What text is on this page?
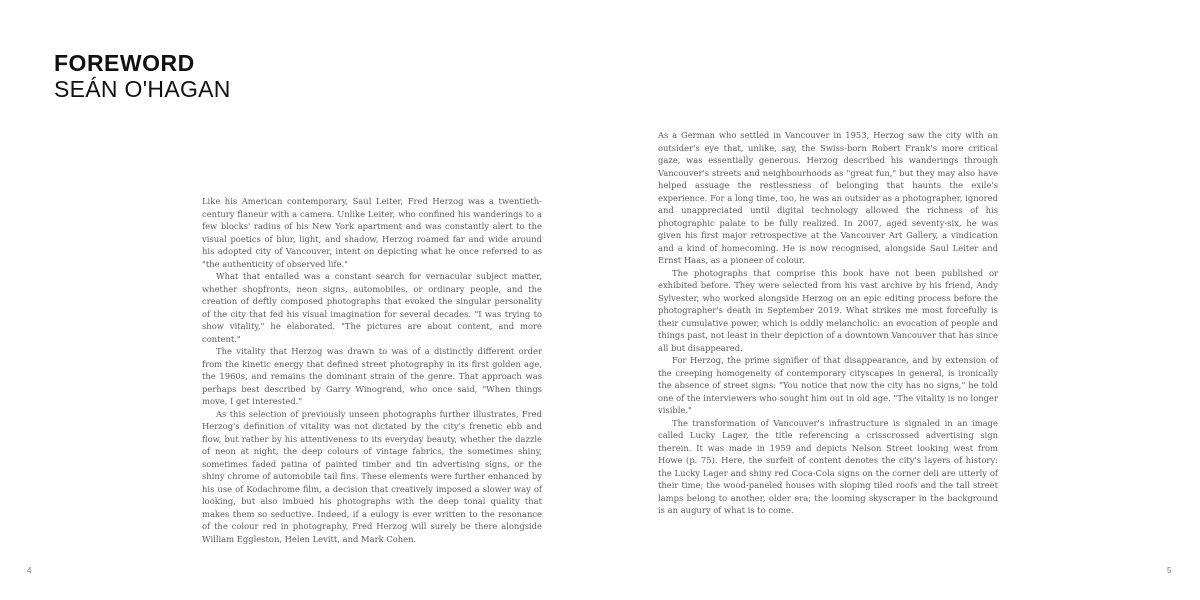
FOREWORD
SEÁN O'HAGAN

Like his American contemporary, Saul Leiter, Fred Herzog was a twentieth-century flaneur with a camera. Unlike Leiter, who confined his wanderings to a few blocks' radius of his New York apartment and was constantly alert to the visual poetics of blur, light, and shadow, Herzog roamed far and wide around his adopted city of Vancouver, intent on depicting what he once referred to as "the authenticity of observed life."

What that entailed was a constant search for vernacular subject matter, whether shopfronts, neon signs, automobiles, or ordinary people, and the creation of deftly composed photographs that evoked the singular personality of the city that fed his visual imagination for several decades. "I was trying to show vitality," he elaborated. "The pictures are about content, and more content."

The vitality that Herzog was drawn to was of a distinctly different order from the kinetic energy that defined street photography in its first golden age, the 1960s, and remains the dominant strain of the genre. That approach was perhaps best described by Garry Winogrand, who once said, "When things move, I get interested."

As this selection of previously unseen photographs further illustrates, Fred Herzog's definition of vitality was not dictated by the city's frenetic ebb and flow, but rather by his attentiveness to its everyday beauty, whether the dazzle of neon at night, the deep colours of vintage fabrics, the sometimes shiny, sometimes faded patina of painted timber and tin advertising signs, or the shiny chrome of automobile tail fins. These elements were further enhanced by his use of Kodachrome film, a decision that creatively imposed a slower way of looking, but also imbued his photographs with the deep tonal quality that makes them so seductive. Indeed, if a eulogy is ever written to the resonance of the colour red in photography, Fred Herzog will surely be there alongside William Eggleston, Helen Levitt, and Mark Cohen.

As a German who settled in Vancouver in 1953, Herzog saw the city with an outsider's eye that, unlike, say, the Swiss-born Robert Frank's more critical gaze, was essentially generous. Herzog described his wanderings through Vancouver's streets and neighbourhoods as "great fun," but they may also have helped assuage the restlessness of belonging that haunts the exile's experience. For a long time, too, he was an outsider as a photographer, ignored and unappreciated until digital technology allowed the richness of his photographic palate to be fully realized. In 2007, aged seventy-six, he was given his first major retrospective at the Vancouver Art Gallery, a vindication and a kind of homecoming. He is now recognised, alongside Saul Leiter and Ernst Haas, as a pioneer of colour.

The photographs that comprise this book have not been published or exhibited before. They were selected from his vast archive by his friend, Andy Sylvester, who worked alongside Herzog on an epic editing process before the photographer's death in September 2019. What strikes me most forcefully is their cumulative power, which is oddly melancholic: an evocation of people and things past, not least in their depiction of a downtown Vancouver that has since all but disappeared.

For Herzog, the prime signifier of that disappearance, and by extension of the creeping homogeneity of contemporary cityscapes in general, is ironically the absence of street signs: "You notice that now the city has no signs," he told one of the interviewers who sought him out in old age. "The vitality is no longer visible."

The transformation of Vancouver's infrastructure is signaled in an image called Lucky Lager, the title referencing a crisscrossed advertising sign therein. It was made in 1959 and depicts Nelson Street looking west from Howe (p. 75). Here, the surfeit of content denotes the city's layers of history: the Lucky Lager and shiny red Coca-Cola signs on the corner deli are utterly of their time; the wood-paneled houses with sloping tiled roofs and the tall street lamps belong to another, older era; the looming skyscraper in the background is an augury of what is to come.

4	5
